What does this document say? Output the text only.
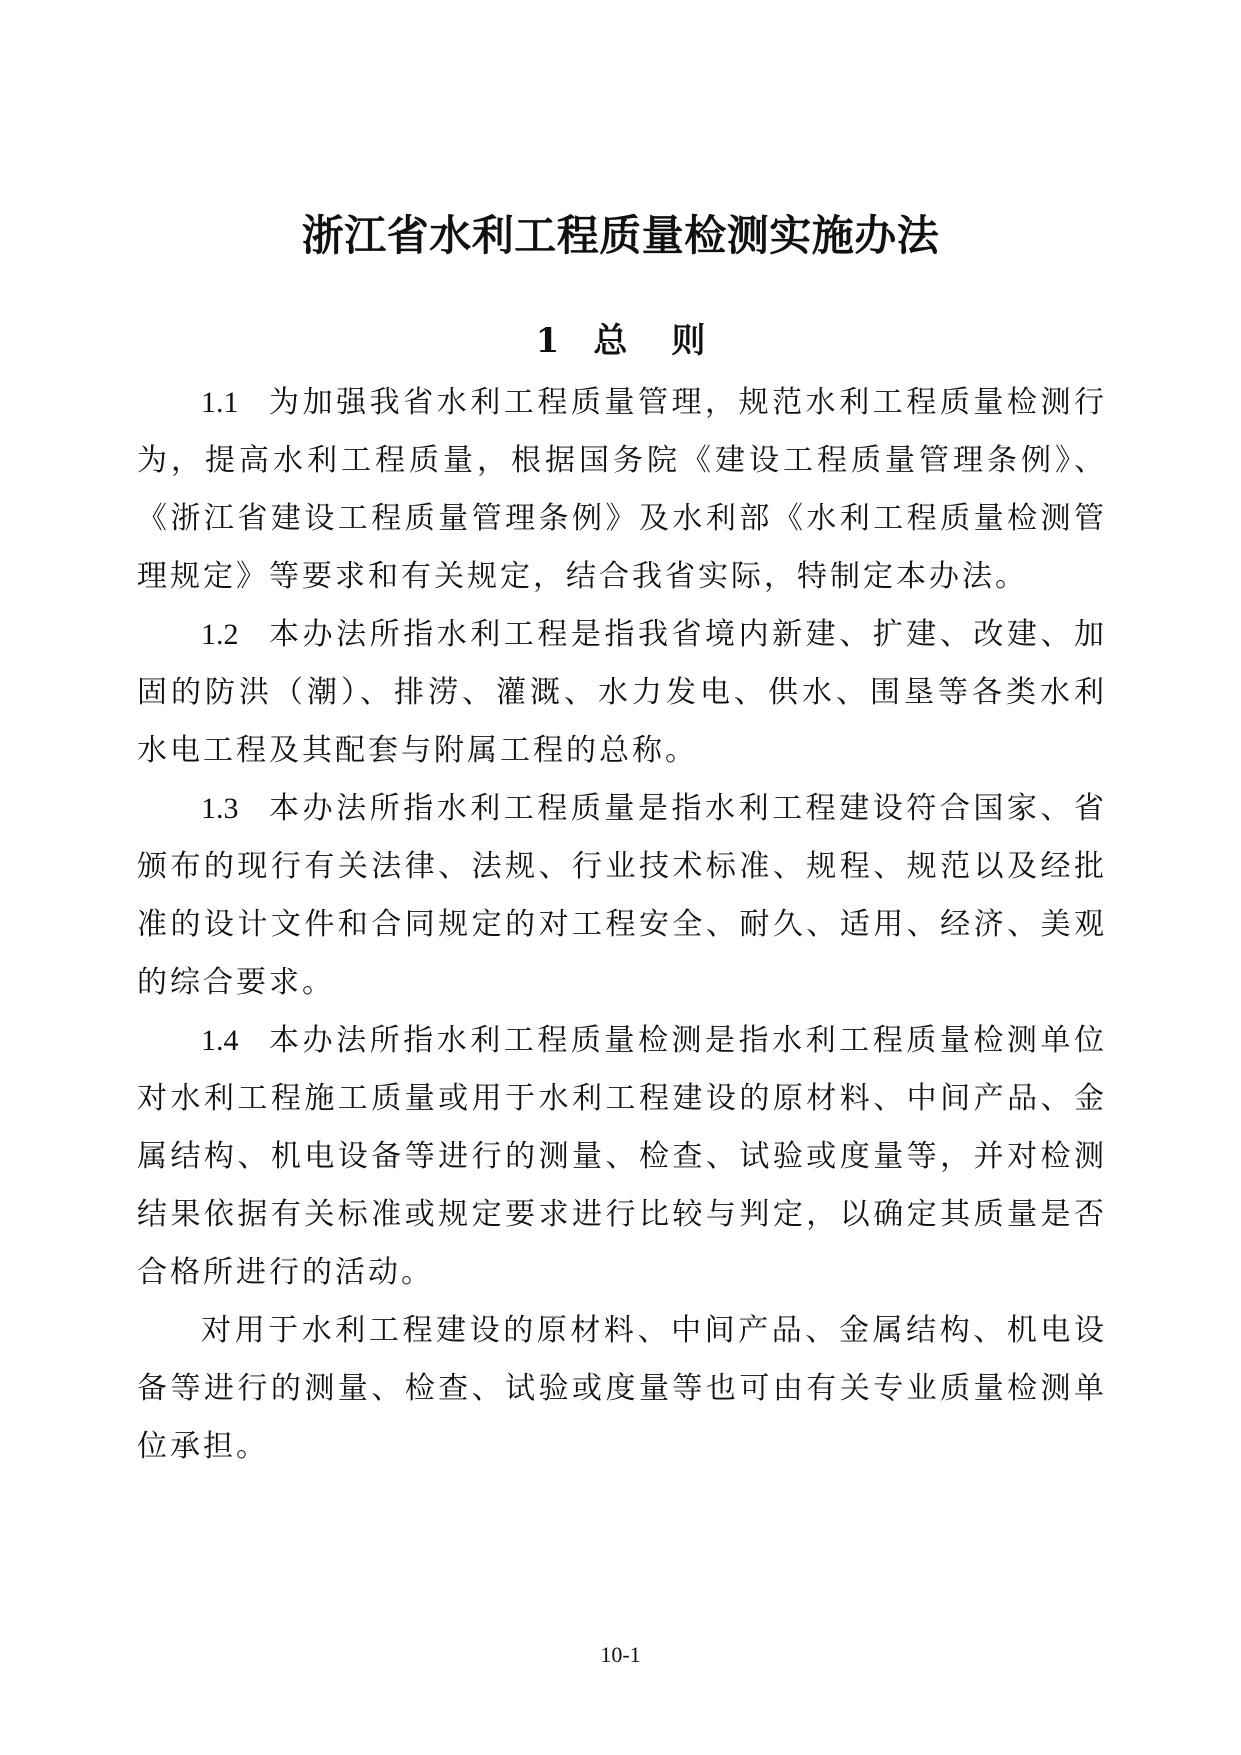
浙江省水利工程质量检测实施办法
1 总则

1.1 为加强我省水利工程质量管理，规范水利工程质量检测行为，提高水利工程质量，根据国务院《建设工程质量管理条例》、《浙江省建设工程质量管理条例》及水利部《水利工程质量检测管理规定》等要求和有关规定，结合我省实际，特制定本办法。

1.2 本办法所指水利工程是指我省境内新建、扩建、改建、加固的防洪（潮）、排涝、灌溉、水力发电、供水、围垦等各类水利水电工程及其配套与附属工程的总称。

1.3 本办法所指水利工程质量是指水利工程建设符合国家、省颁布的现行有关法律、法规、行业技术标准、规程、规范以及经批准的设计文件和合同规定的对工程安全、耐久、适用、经济、美观的综合要求。

1.4 本办法所指水利工程质量检测是指水利工程质量检测单位对水利工程施工质量或用于水利工程建设的原材料、中间产品、金属结构、机电设备等进行的测量、检查、试验或度量等，并对检测结果依据有关标准或规定要求进行比较与判定，以确定其质量是否合格所进行的活动。

对用于水利工程建设的原材料、中间产品、金属结构、机电设备等进行的测量、检查、试验或度量等也可由有关专业质量检测单位承担。

10-1
